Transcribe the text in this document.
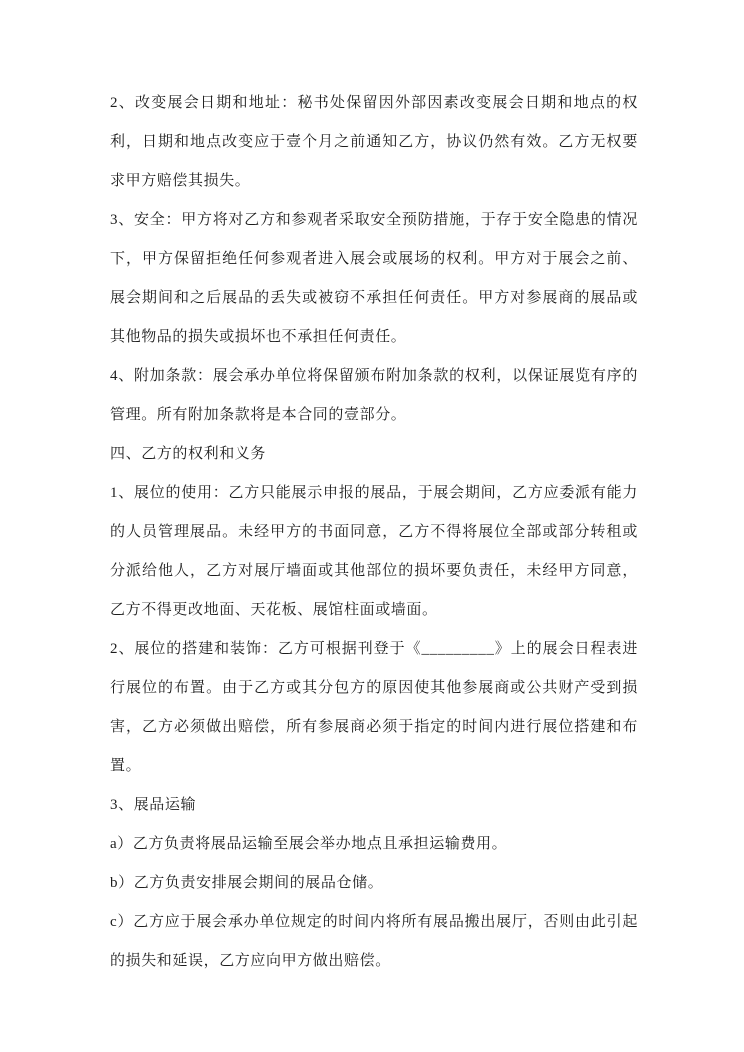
2、改变展会日期和地址：秘书处保留因外部因素改变展会日期和地点的权利，日期和地点改变应于壹个月之前通知乙方，协议仍然有效。乙方无权要求甲方赔偿其损失。

3、安全：甲方将对乙方和参观者采取安全预防措施，于存于安全隐患的情况下，甲方保留拒绝任何参观者进入展会或展场的权利。甲方对于展会之前、展会期间和之后展品的丢失或被窃不承担任何责任。甲方对参展商的展品或其他物品的损失或损坏也不承担任何责任。

4、附加条款：展会承办单位将保留颁布附加条款的权利，以保证展览有序的管理。所有附加条款将是本合同的壹部分。

四、乙方的权利和义务

1、展位的使用：乙方只能展示申报的展品，于展会期间，乙方应委派有能力的人员管理展品。未经甲方的书面同意，乙方不得将展位全部或部分转租或分派给他人，乙方对展厅墙面或其他部位的损坏要负责任，未经甲方同意，乙方不得更改地面、天花板、展馆柱面或墙面。

2、展位的搭建和装饰：乙方可根据刊登于《_________》上的展会日程表进行展位的布置。由于乙方或其分包方的原因使其他参展商或公共财产受到损害，乙方必须做出赔偿，所有参展商必须于指定的时间内进行展位搭建和布置。

3、展品运输

a）乙方负责将展品运输至展会举办地点且承担运输费用。

b）乙方负责安排展会期间的展品仓储。

c）乙方应于展会承办单位规定的时间内将所有展品搬出展厅，否则由此引起的损失和延误，乙方应向甲方做出赔偿。
